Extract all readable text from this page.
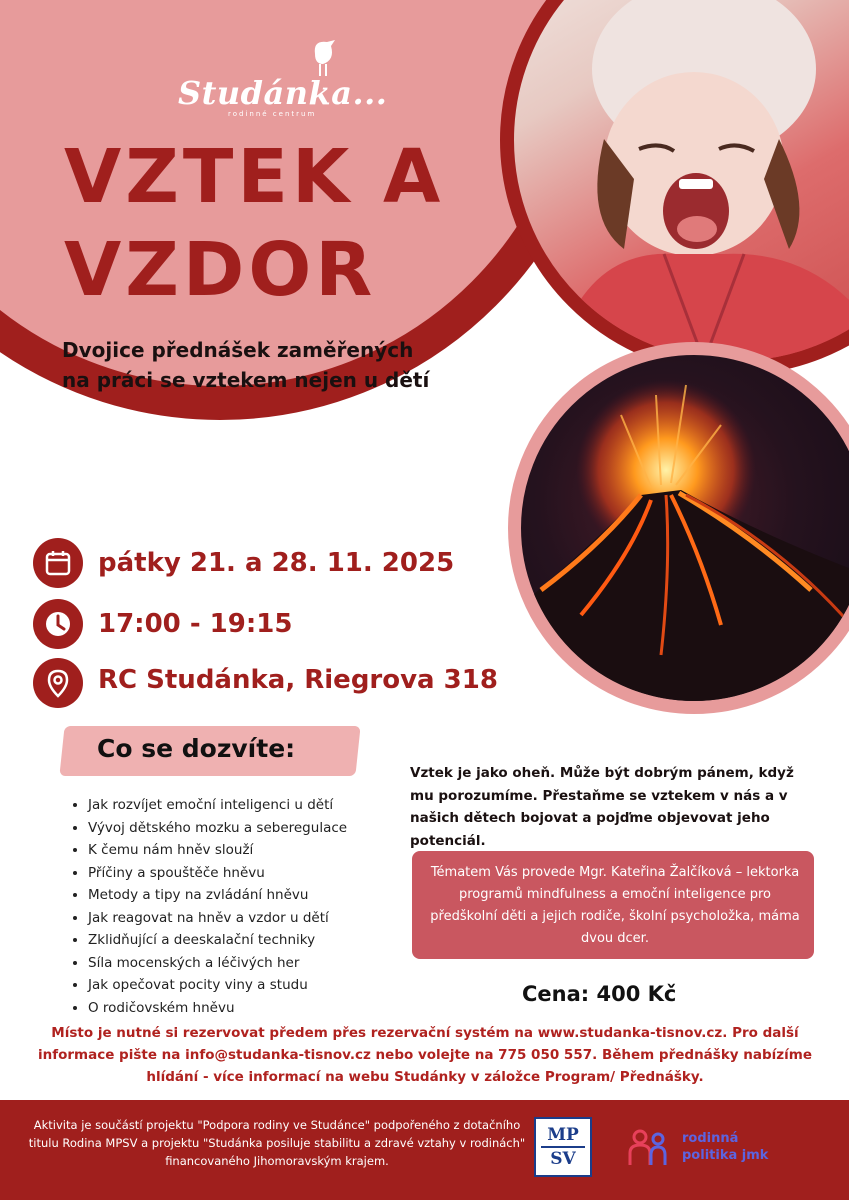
Studánka...
rodinné centrum
VZTEK A
VZDOR
Dvojice přednášek zaměřených
na práci se vztekem nejen u dětí
pátky 21. a 28. 11. 2025
17:00 - 19:15
RC Studánka, Riegrova 318
Co se dozvíte:
• Jak rozvíjet emoční inteligenci u dětí
• Vývoj dětského mozku a seberegulace
• K čemu nám hněv slouží
• Příčiny a spouštěče hněvu
• Metody a tipy na zvládání hněvu
• Jak reagovat na hněv a vzdor u dětí
• Zklidňující a deeskalační techniky
• Síla mocenských a léčivých her
• Jak opečovat pocity viny a studu
• O rodičovském hněvu
Vztek je jako oheň. Může být dobrým pánem, když mu porozumíme. Přestaňme se vztekem v nás a v našich dětech bojovat a pojďme objevovat jeho potenciál.
Tématem Vás provede Mgr. Kateřina Žalčíková – lektorka programů mindfulness a emoční inteligence pro předškolní děti a jejich rodiče, školní psycholožka, máma dvou dcer.
Cena: 400 Kč
Místo je nutné si rezervovat předem přes rezervační systém na www.studanka-tisnov.cz. Pro další informace pište na info@studanka-tisnov.cz nebo volejte na 775 050 557. Během přednášky nabízíme hlídání - více informací na webu Studánky v záložce Program/ Přednášky.
Aktivita je součástí projektu "Podpora rodiny ve Studánce" podpořeného z dotačního titulu Rodina MPSV a projektu "Studánka posiluje stabilitu a zdravé vztahy v rodinách" financovaného Jihomoravským krajem.
MP
SV
rodinná
politika jmk
